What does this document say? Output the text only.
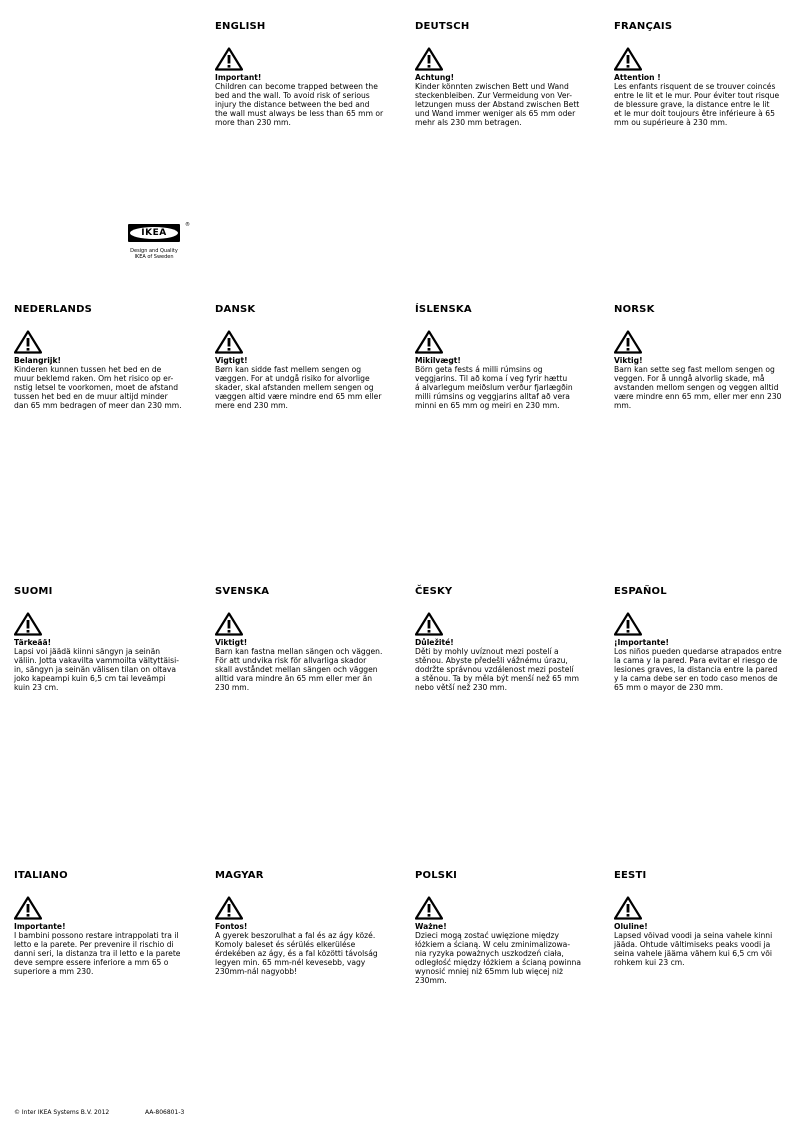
IKEA
®
Design and Quality
IKEA of Sweden
ENGLISH
Important!
Children can become trapped between the
bed and the wall. To avoid risk of serious
injury the distance between the bed and
the wall must always be less than 65 mm or
more than 230 mm.
DEUTSCH
Achtung!
Kinder könnten zwischen Bett und Wand
steckenbleiben. Zur Vermeidung von Ver-
letzungen muss der Abstand zwischen Bett
und Wand immer weniger als 65 mm oder
mehr als 230 mm betragen.
FRANÇAIS
Attention !
Les enfants risquent de se trouver coincés
entre le lit et le mur. Pour éviter tout risque
de blessure grave, la distance entre le lit
et le mur doit toujours être inférieure à 65
mm ou supérieure à 230 mm.
NEDERLANDS
Belangrijk!
Kinderen kunnen tussen het bed en de
muur beklemd raken. Om het risico op er-
nstig letsel te voorkomen, moet de afstand
tussen het bed en de muur altijd minder
dan 65 mm bedragen of meer dan 230 mm.
DANSK
Vigtigt!
Børn kan sidde fast mellem sengen og
væggen. For at undgå risiko for alvorlige
skader, skal afstanden mellem sengen og
væggen altid være mindre end 65 mm eller
mere end 230 mm.
ÍSLENSKA
Mikilvægt!
Börn geta fests á milli rúmsins og
veggjarins. Til að koma í veg fyrir hættu
á alvarlegum meiðslum verður fjarlægðin
milli rúmsins og veggjarins alltaf að vera
minni en 65 mm og meiri en 230 mm.
NORSK
Viktig!
Barn kan sette seg fast mellom sengen og
veggen. For å unngå alvorlig skade, må
avstanden mellom sengen og veggen alltid
være mindre enn 65 mm, eller mer enn 230
mm.
SUOMI
Tärkeää!
Lapsi voi jäädä kiinni sängyn ja seinän
väliin. Jotta vakavilta vammoilta vältyttäisi-
in, sängyn ja seinän välisen tilan on oltava
joko kapeampi kuin 6,5 cm tai leveämpi
kuin 23 cm.
SVENSKA
Viktigt!
Barn kan fastna mellan sängen och väggen.
För att undvika risk för allvarliga skador
skall avståndet mellan sängen och väggen
alltid vara mindre än 65 mm eller mer än
230 mm.
ČESKY
Důležité!
Děti by mohly uvíznout mezi postelí a
stěnou. Abyste předešli vážnému úrazu,
dodržte správnou vzdálenost mezi postelí
a stěnou. Ta by měla být menší než 65 mm
nebo větší než 230 mm.
ESPAÑOL
¡Importante!
Los niños pueden quedarse atrapados entre
la cama y la pared. Para evitar el riesgo de
lesiones graves, la distancia entre la pared
y la cama debe ser en todo caso menos de
65 mm o mayor de 230 mm.
ITALIANO
Importante!
I bambini possono restare intrappolati tra il
letto e la parete. Per prevenire il rischio di
danni seri, la distanza tra il letto e la parete
deve sempre essere inferiore a mm 65 o
superiore a mm 230.
MAGYAR
Fontos!
A gyerek beszorulhat a fal és az ágy közé.
Komoly baleset és sérülés elkerülése
érdekében az ágy, és a fal közötti távolság
legyen min. 65 mm-nél kevesebb, vagy
230mm-nál nagyobb!
POLSKI
Ważne!
Dzieci mogą zostać uwięzione między
łóżkiem a ścianą. W celu zminimalizowa-
nia ryzyka poważnych uszkodzeń ciała,
odległość między łóżkiem a ścianą powinna
wynosić mniej niż 65mm lub więcej niż
230mm.
EESTI
Oluline!
Lapsed võivad voodi ja seina vahele kinni
jääda. Ohtude vältimiseks peaks voodi ja
seina vahele jääma vähem kui 6,5 cm või
rohkem kui 23 cm.
© Inter IKEA Systems B.V. 2012	AA-806801-3
